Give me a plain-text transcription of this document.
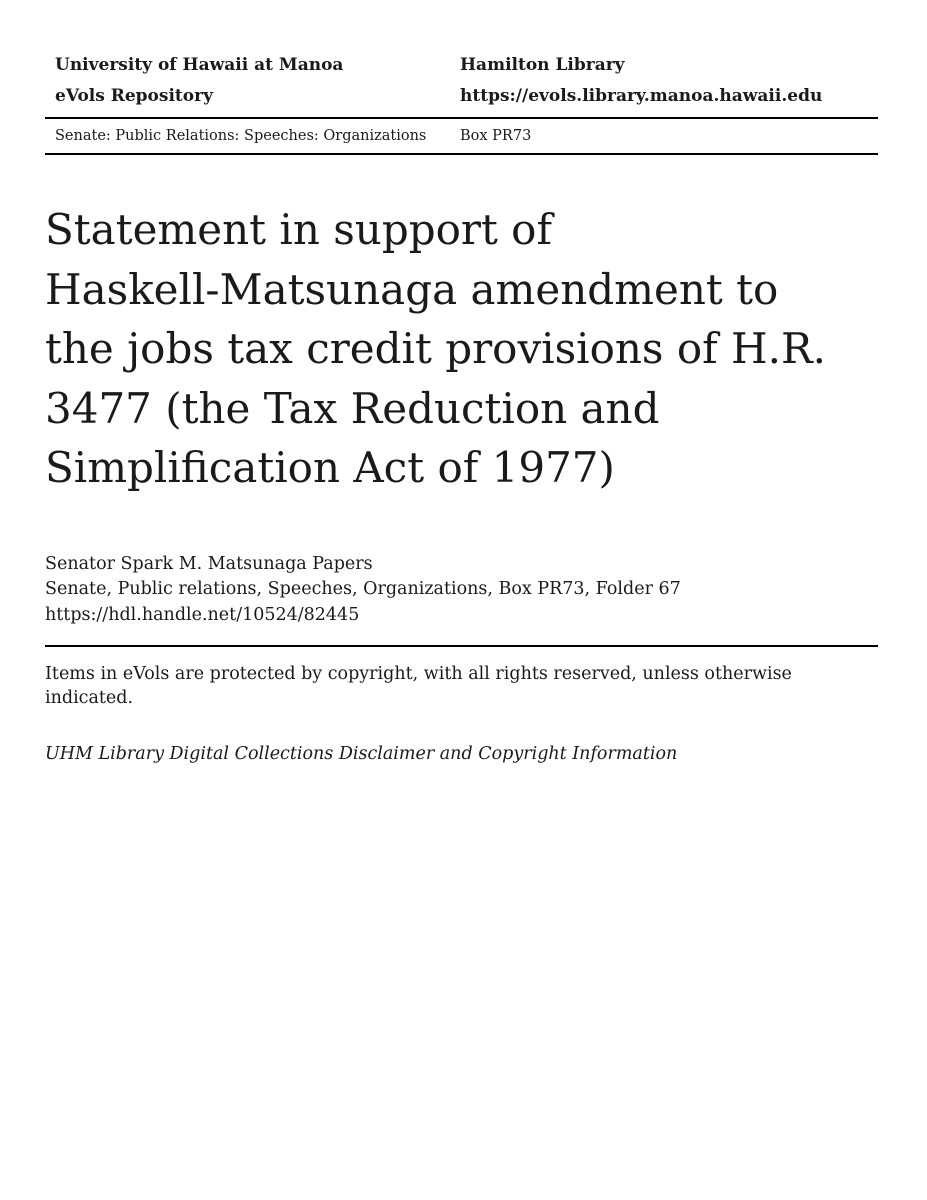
University of Hawaii at Manoa
eVols Repository
Hamilton Library
https://evols.library.manoa.hawaii.edu
Senate: Public Relations: Speeches: Organizations	Box PR73
Statement in support of
Haskell-Matsunaga amendment to
the jobs tax credit provisions of H.R.
3477 (the Tax Reduction and
Simplification Act of 1977)
Senator Spark M. Matsunaga Papers
Senate, Public relations, Speeches, Organizations, Box PR73, Folder 67
https://hdl.handle.net/10524/82445

Items in eVols are protected by copyright, with all rights reserved, unless otherwise indicated.

UHM Library Digital Collections Disclaimer and Copyright Information
